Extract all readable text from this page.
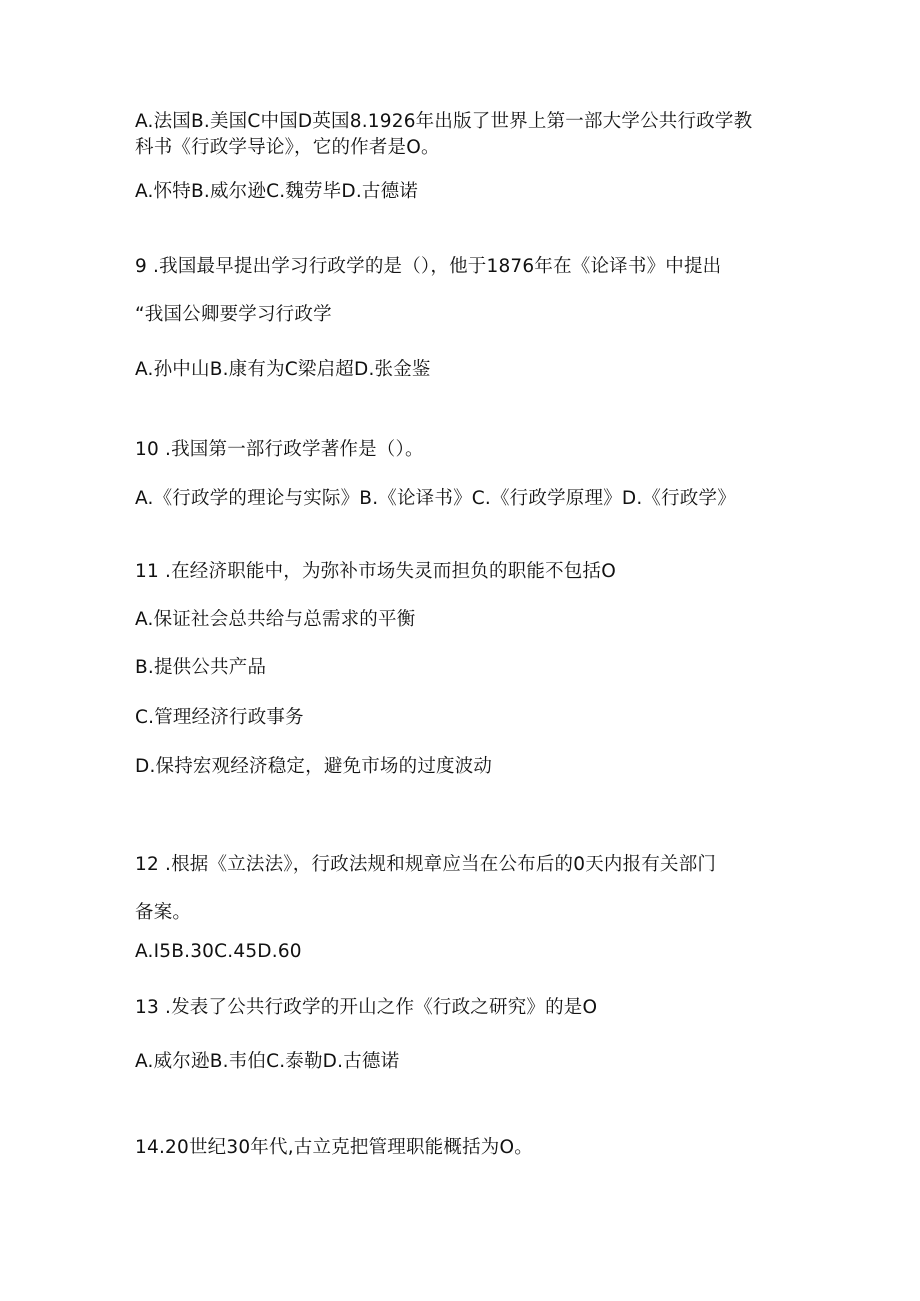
A.法国B.美国C中国D英国8.1926年出版了世界上第一部大学公共行政学教
科书《行政学导论》，它的作者是O。
A.怀特B.威尔逊C.魏劳毕D.古德诺
9 .我国最早提出学习行政学的是（），他于1876年在《论译书》中提出
“我国公卿要学习行政学
A.孙中山B.康有为C梁启超D.张金鉴
10 .我国第一部行政学著作是（）。
A.《行政学的理论与实际》B.《论译书》C.《行政学原理》D.《行政学》
11 .在经济职能中，为弥补市场失灵而担负的职能不包括O
A.保证社会总共给与总需求的平衡
B.提供公共产品
C.管理经济行政事务
D.保持宏观经济稳定，避免市场的过度波动
12 .根据《立法法》，行政法规和规章应当在公布后的0天内报有关部门
备案。
A.I5B.30C.45D.60
13 .发表了公共行政学的开山之作《行政之研究》的是O
A.威尔逊B.韦伯C.泰勒D.古德诺
14.20世纪30年代,古立克把管理职能概括为O。
